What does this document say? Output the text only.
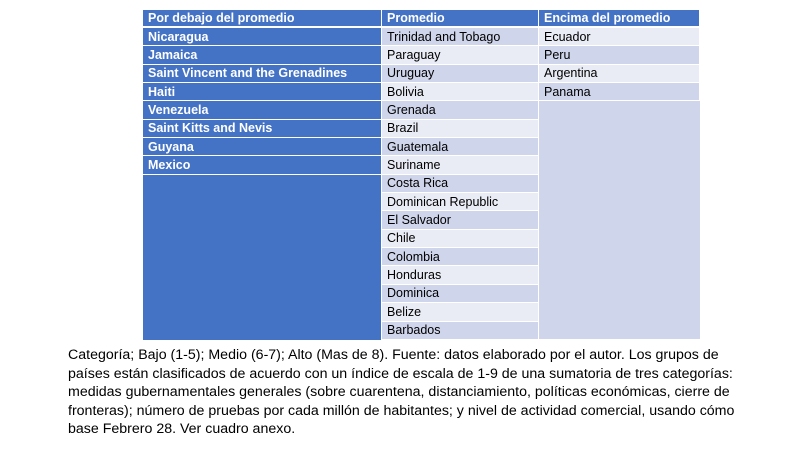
Por debajo del promedio	Promedio	Encima del promedio
Nicaragua
Jamaica
Saint Vincent and the Grenadines
Haiti
Venezuela
Saint Kitts and Nevis
Guyana
Mexico
Trinidad and Tobago
Paraguay
Uruguay
Bolivia
Grenada
Brazil
Guatemala
Suriname
Costa Rica
Dominican Republic
El Salvador
Chile
Colombia
Honduras
Dominica
Belize
Barbados
Ecuador
Peru
Argentina
Panama

Categoría; Bajo (1-5); Medio (6-7); Alto (Mas de 8). Fuente: datos elaborado por el autor. Los grupos de países están clasificados de acuerdo con un índice de escala de 1-9 de una sumatoria de tres categorías: medidas gubernamentales generales (sobre cuarentena, distanciamiento, políticas económicas, cierre de fronteras); número de pruebas por cada millón de habitantes; y nivel de actividad comercial, usando cómo base Febrero 28. Ver cuadro anexo.
